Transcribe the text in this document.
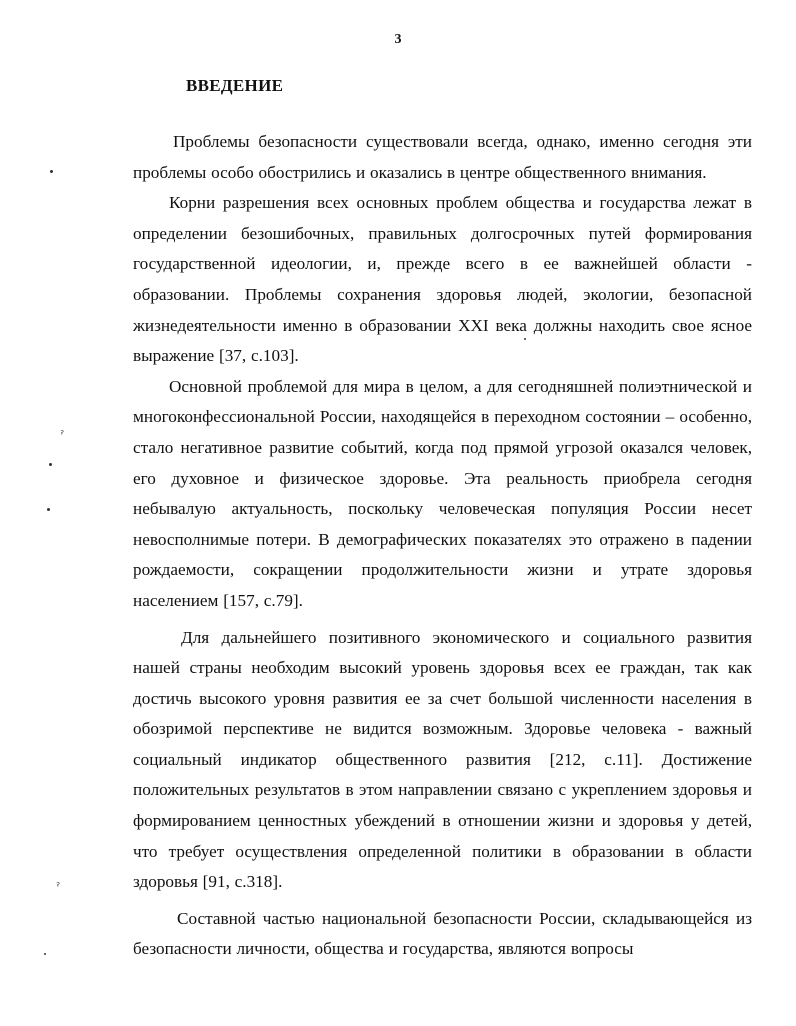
3
ВВЕДЕНИЕ

Проблемы безопасности существовали всегда, однако, именно сегодня эти проблемы особо обострились и оказались в центре общественного внимания.

Корни разрешения всех основных проблем общества и государства лежат в определении безошибочных, правильных долгосрочных путей формирования государственной идеологии, и, прежде всего в ее важнейшей области - образовании. Проблемы сохранения здоровья людей, экологии, безопасной жизнедеятельности именно в образовании XXI века должны находить свое ясное выражение [37, с.103].

Основной проблемой для мира в целом, а для сегодняшней полиэтнической и многоконфессиональной России, находящейся в переходном состоянии – особенно, стало негативное развитие событий, когда под прямой угрозой оказался человек, его духовное и физическое здоровье. Эта реальность приобрела сегодня небывалую актуальность, поскольку человеческая популяция России несет невосполнимые потери. В демографических показателях это отражено в падении рождаемости, сокращении продолжительности жизни и утрате здоровья населением [157, с.79].

Для дальнейшего позитивного экономического и социального развития нашей страны необходим высокий уровень здоровья всех ее граждан, так как достичь высокого уровня развития ее за счет большой численности населения в обозримой перспективе не видится возможным. Здоровье человека - важный социальный индикатор общественного развития [212, с.11]. Достижение положительных результатов в этом направлении связано с укреплением здоровья и формированием ценностных убеждений в отношении жизни и здоровья у детей, что требует осуществления определенной политики в образовании в области здоровья [91, с.318].

Составной частью национальной безопасности России, складывающейся из безопасности личности, общества и государства, являются вопросы

ˀ
ˀ
